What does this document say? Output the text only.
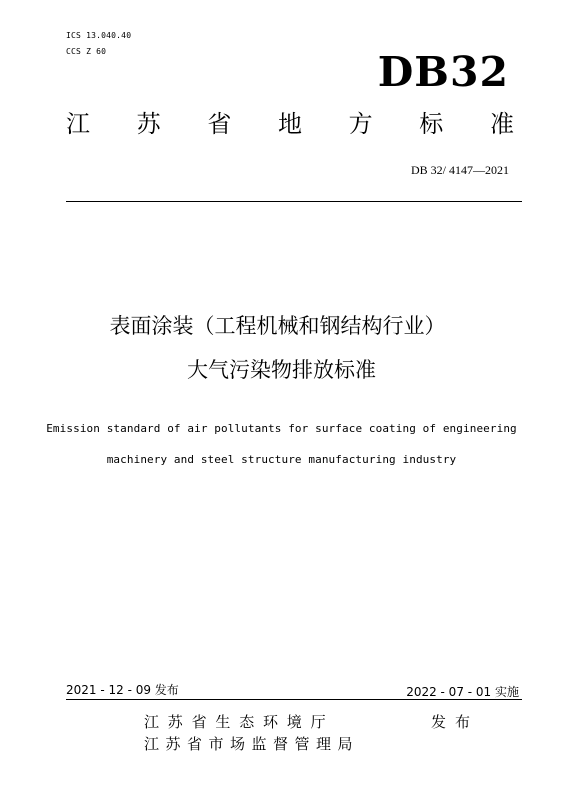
ICS 13.040.40
CCS Z 60	DB32
江 苏 省 地 方 标 准
DB 32/ 4147—2021
表面涂装（工程机械和钢结构行业）
大气污染物排放标准
Emission standard of air pollutants for surface coating of engineering
machinery and steel structure manufacturing industry
2021 - 12 - 09 发布	2022 - 07 - 01 实施
江苏省生态环境厅
江苏省市场监督管理局
发布
